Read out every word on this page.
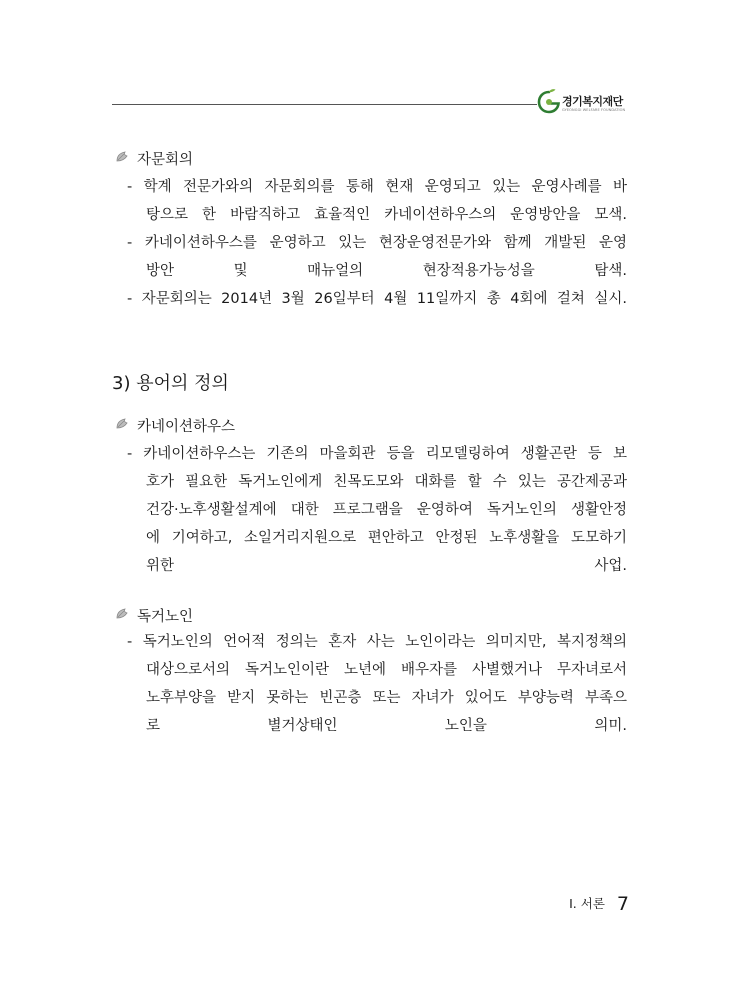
경기복지재단
GYEONGGI WELFARE FOUNDATION
자문회의
- 학계 전문가와의 자문회의를 통해 현재 운영되고 있는 운영사례를 바
탕으로 한 바람직하고 효율적인 카네이션하우스의 운영방안을 모색.
- 카네이션하우스를 운영하고 있는 현장운영전문가와 함께 개발된 운영
방안 및 매뉴얼의 현장적용가능성을 탐색.
- 자문회의는 2014년 3월 26일부터 4월 11일까지 총 4회에 걸쳐 실시.
3) 용어의 정의
카네이션하우스
- 카네이션하우스는 기존의 마을회관 등을 리모델링하여 생활곤란 등 보
호가 필요한 독거노인에게 친목도모와 대화를 할 수 있는 공간제공과
건강·노후생활설계에 대한 프로그램을 운영하여 독거노인의 생활안정
에 기여하고, 소일거리지원으로 편안하고 안정된 노후생활을 도모하기
위한 사업.
독거노인
- 독거노인의 언어적 정의는 혼자 사는 노인이라는 의미지만, 복지정책의
대상으로서의 독거노인이란 노년에 배우자를 사별했거나 무자녀로서
노후부양을 받지 못하는 빈곤층 또는 자녀가 있어도 부양능력 부족으
로 별거상태인 노인을 의미.
Ⅰ. 서론 7
